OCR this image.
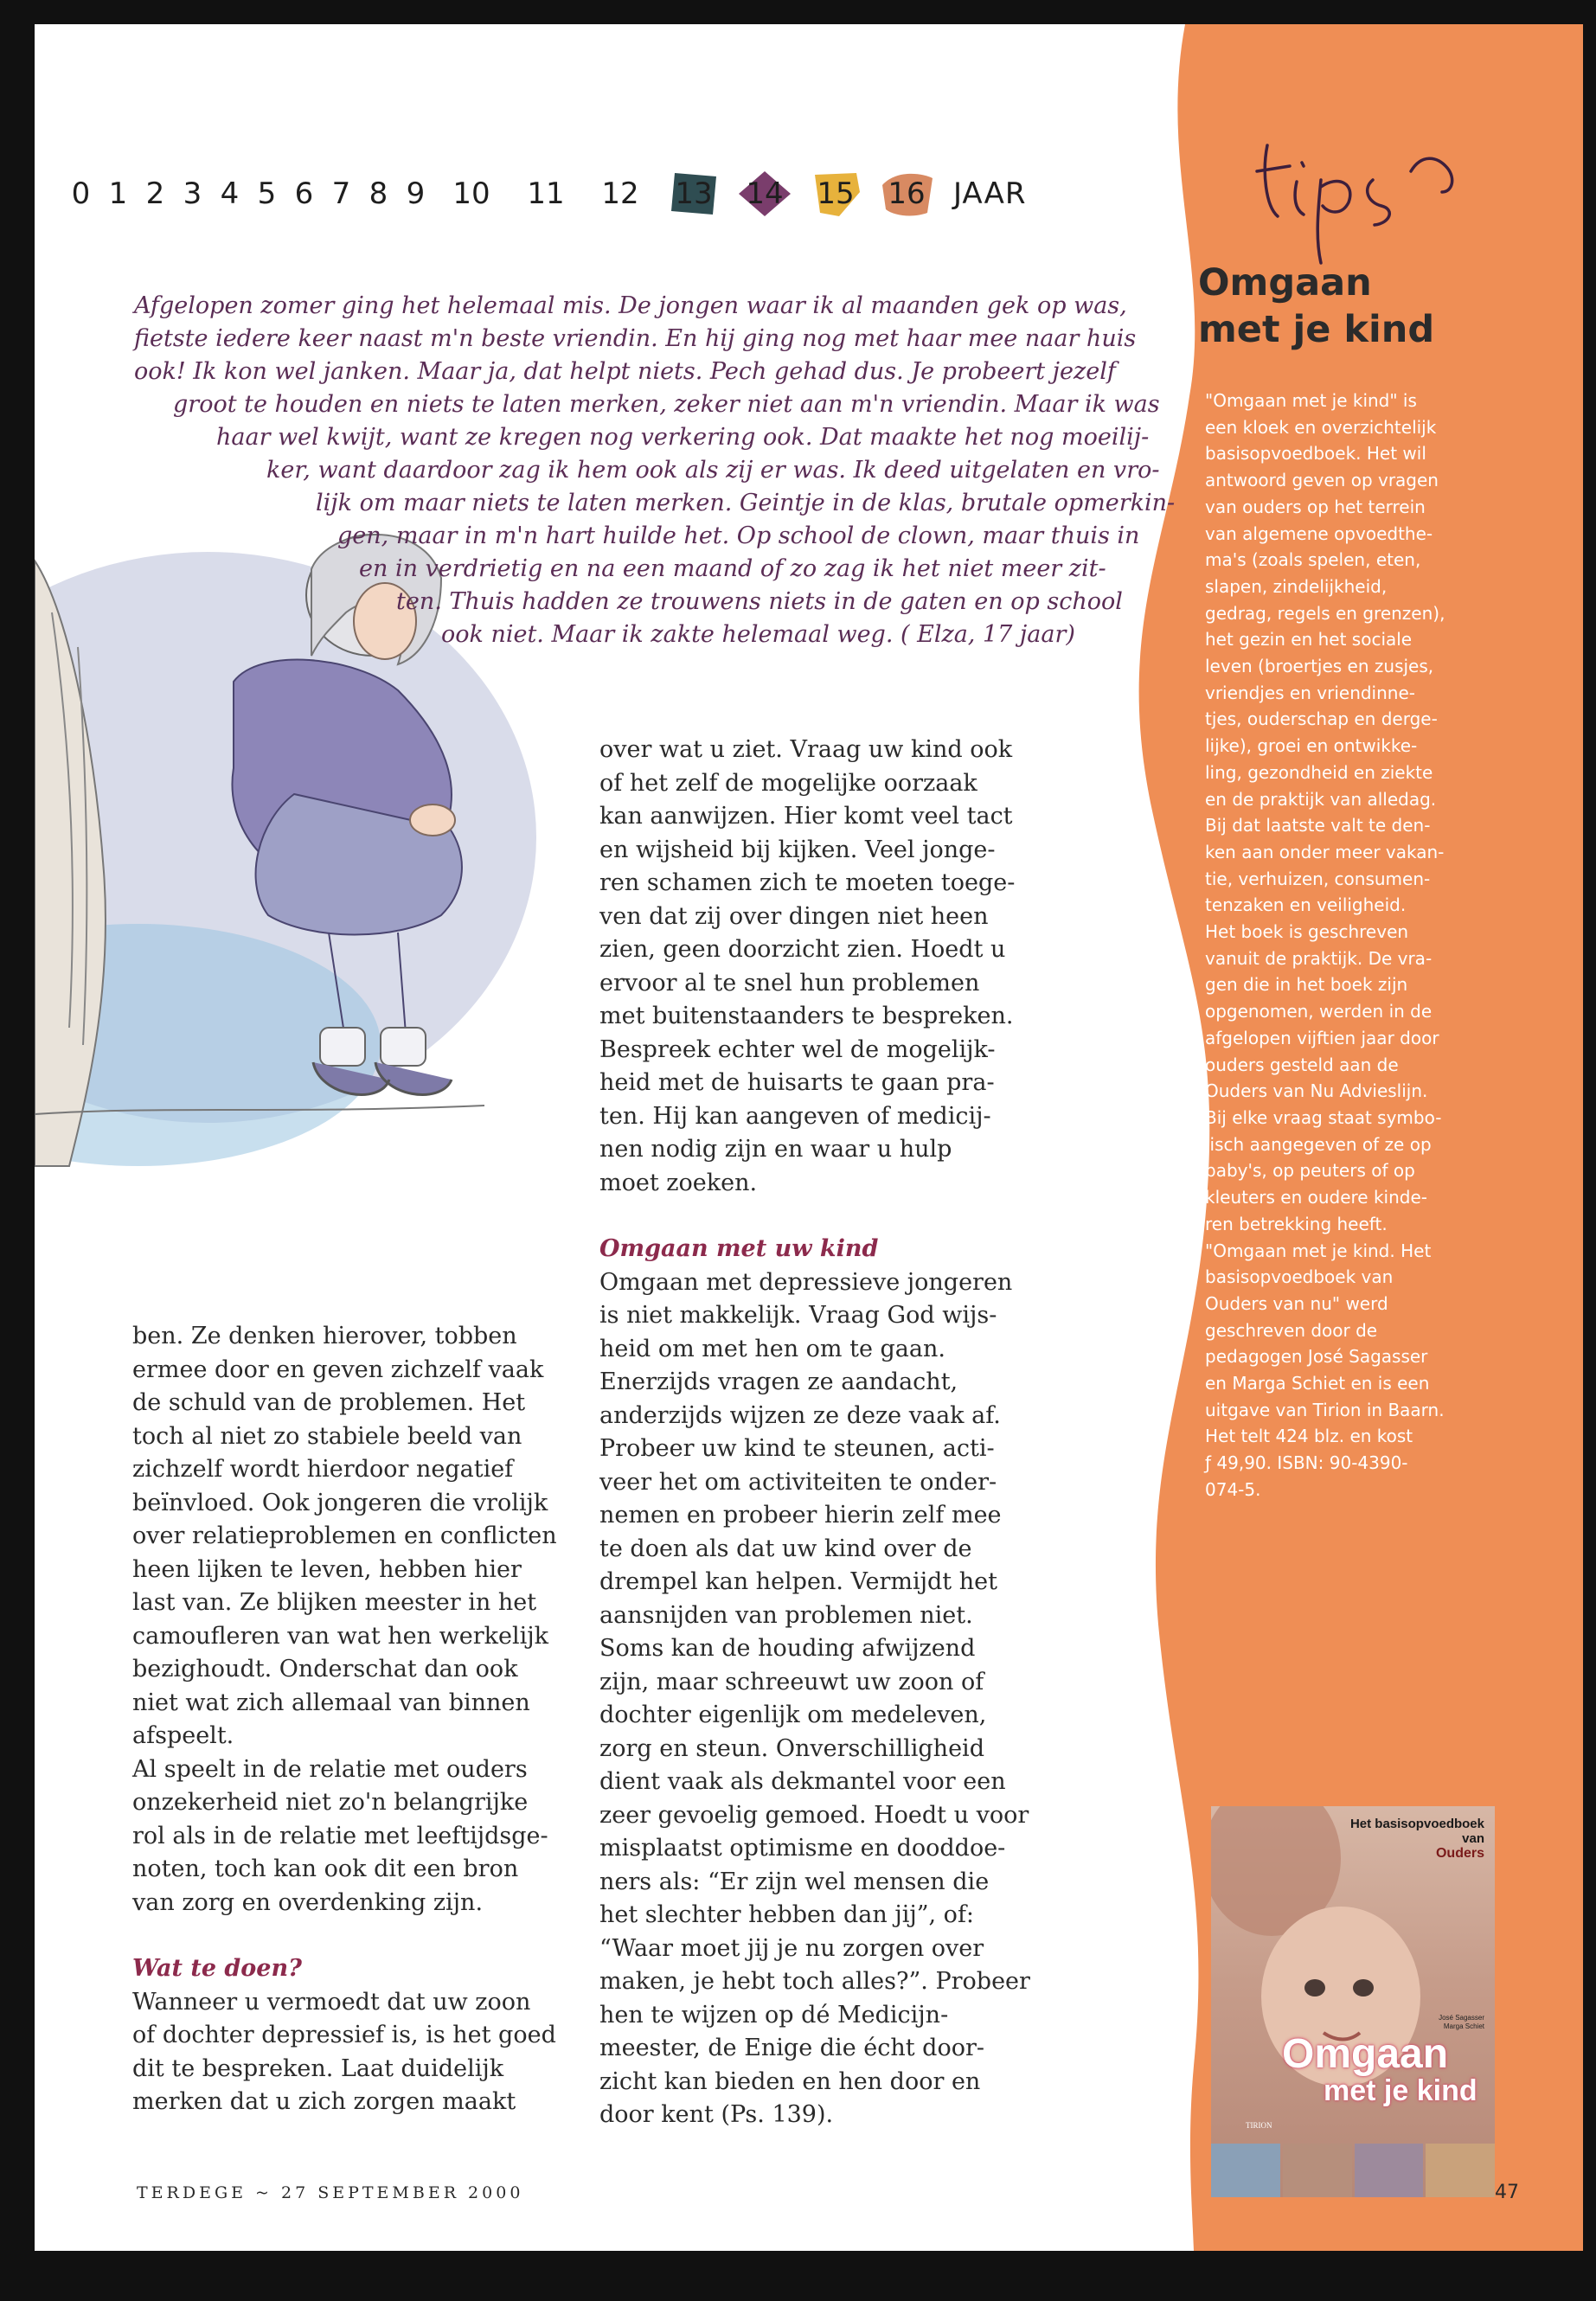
0 1 2 3 4 5 6 7 8 9 10	11	12	13	14	15	16 JAAR

Afgelopen zomer ging het helemaal mis. De jongen waar ik al maanden gek op was,

fietste iedere keer naast m'n beste vriendin. En hij ging nog met haar mee naar huis

ook! Ik kon wel janken. Maar ja, dat helpt niets. Pech gehad dus. Je probeert jezelf

groot te houden en niets te laten merken, zeker niet aan m'n vriendin. Maar ik was

haar wel kwijt, want ze kregen nog verkering ook. Dat maakte het nog moeilij-

ker, want daardoor zag ik hem ook als zij er was. Ik deed uitgelaten en vro-

lijk om maar niets te laten merken. Geintje in de klas, brutale opmerkin-

gen, maar in m'n hart huilde het. Op school de clown, maar thuis in

en in verdrietig en na een maand of zo zag ik het niet meer zit-

ten. Thuis hadden ze trouwens niets in de gaten en op school

ook niet. Maar ik zakte helemaal weg. ( Elza, 17 jaar)

ben. Ze denken hierover, tobben

ermee door en geven zichzelf vaak

de schuld van de problemen. Het

toch al niet zo stabiele beeld van

zichzelf wordt hierdoor negatief

beïnvloed. Ook jongeren die vrolijk

over relatieproblemen en conflicten

heen lijken te leven, hebben hier

last van. Ze blijken meester in het

camoufleren van wat hen werkelijk

bezighoudt. Onderschat dan ook

niet wat zich allemaal van binnen

afspeelt.

Al speelt in de relatie met ouders

onzekerheid niet zo'n belangrijke

rol als in de relatie met leeftijdsge-

noten, toch kan ook dit een bron

van zorg en overdenking zijn.

Wat te doen?

Wanneer u vermoedt dat uw zoon

of dochter depressief is, is het goed

dit te bespreken. Laat duidelijk

merken dat u zich zorgen maakt

over wat u ziet. Vraag uw kind ook

of het zelf de mogelijke oorzaak

kan aanwijzen. Hier komt veel tact

en wijsheid bij kijken. Veel jonge-

ren schamen zich te moeten toege-

ven dat zij over dingen niet heen

zien, geen doorzicht zien. Hoedt u

ervoor al te snel hun problemen

met buitenstaanders te bespreken.

Bespreek echter wel de mogelijk-

heid met de huisarts te gaan pra-

ten. Hij kan aangeven of medicij-

nen nodig zijn en waar u hulp

moet zoeken.

Omgaan met uw kind

Omgaan met depressieve jongeren

is niet makkelijk. Vraag God wijs-

heid om met hen om te gaan.

Enerzijds vragen ze aandacht,

anderzijds wijzen ze deze vaak af.

Probeer uw kind te steunen, acti-

veer het om activiteiten te onder-

nemen en probeer hierin zelf mee

te doen als dat uw kind over de

drempel kan helpen. Vermijdt het

aansnijden van problemen niet.

Soms kan de houding afwijzend

zijn, maar schreeuwt uw zoon of

dochter eigenlijk om medeleven,

zorg en steun. Onverschilligheid

dient vaak als dekmantel voor een

zeer gevoelig gemoed. Hoedt u voor

misplaatst optimisme en dooddoe-

ners als: “Er zijn wel mensen die

het slechter hebben dan jij”, of:

“Waar moet jij je nu zorgen over

maken, je hebt toch alles?”. Probeer

hen te wijzen op dé Medicijn-

meester, de Enige die écht door-

zicht kan bieden en hen door en

door kent (Ps. 139).

Omgaan

met je kind

"Omgaan met je kind" is

een kloek en overzichtelijk

basisopvoedboek. Het wil

antwoord geven op vragen

van ouders op het terrein

van algemene opvoedthe-

ma's (zoals spelen, eten,

slapen, zindelijkheid,

gedrag, regels en grenzen),

het gezin en het sociale

leven (broertjes en zusjes,

vriendjes en vriendinne-

tjes, ouderschap en derge-

lijke), groei en ontwikke-

ling, gezondheid en ziekte

en de praktijk van alledag.

Bij dat laatste valt te den-

ken aan onder meer vakan-

tie, verhuizen, consumen-

tenzaken en veiligheid.

Het boek is geschreven

vanuit de praktijk. De vra-

gen die in het boek zijn

opgenomen, werden in de

afgelopen vijftien jaar door

ouders gesteld aan de

Ouders van Nu Advieslijn.

Bij elke vraag staat symbo-

lisch aangegeven of ze op

baby's, op peuters of op

kleuters en oudere kinde-

ren betrekking heeft.

"Omgaan met je kind. Het

basisopvoedboek van

Ouders van nu" werd

geschreven door de

pedagogen José Sagasser

en Marga Schiet en is een

uitgave van Tirion in Baarn.

Het telt 424 blz. en kost

ƒ 49,90. ISBN: 90-4390-

074-5.

Het basisopvoedboek
van
Ouders
José Sagasser
Marga Schiet
Omgaan
met je kind
TIRION
TERDEGE ~ 27 SEPTEMBER 2000	47
